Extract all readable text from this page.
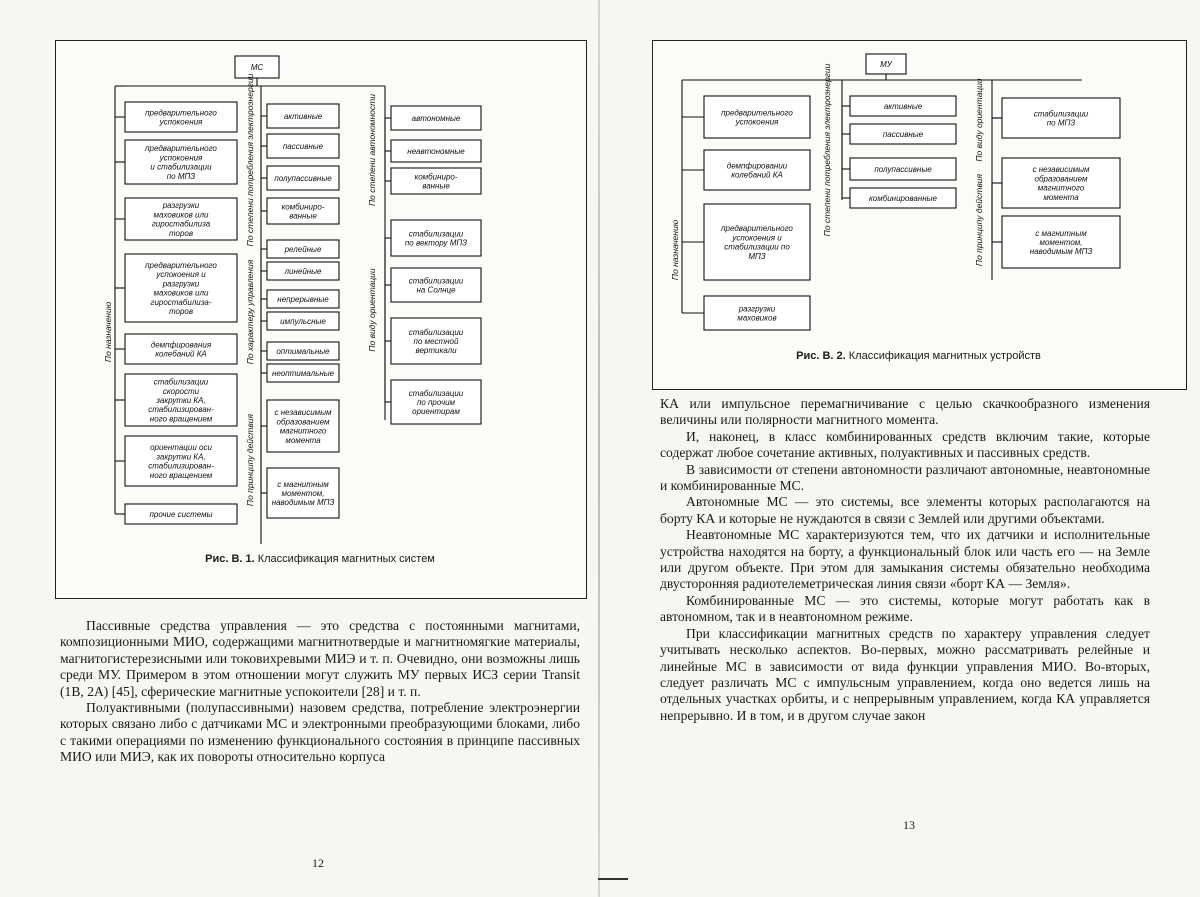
МС
предварительного
успокоения
предварительного
успокоения
и стабилизации
по МПЗ
разгрузки
маховиков или
гиростабилиза
торов
предварительного
успокоения и
разгрузки
маховиков или
гиростабилиза-
торов
демпфирования
колебаний КА
стабилизации
скорости
закрутки КА,
стабилизирован-
ного вращением
ориентации оси
закрутки КА,
стабилизирован-
ного вращением
прочие системы
По назначению
активные
пассивные
полупассивные
комбиниро-
ванные
По степени потребления электроэнергии
релейные
линейные
непрерывные
импульсные
оптимальные
неоптимальные
По характеру управления
с независимым
образованием
магнитного
момента
с магнитным
моментом,
наводимым МПЗ
По принципу действия
автономные
неавтономные
комбиниро-
ванные
По степени автономности
стабилизации
по вектору МПЗ
стабилизации
на Солнце
стабилизации
по местной
вертикали
стабилизации
по прочим
ориентирам
По виду ориентации
Рис. В. 1. Классификация магнитных систем
МУ
предварительного
успокоения
демпфировании
колебаний КА
предварительного
успокоения и
стабилизации по
МПЗ
разгрузки
маховиков
По назначению
активные
пассивные
полупассивные
комбинированные
По степени потребления электроэнергии	стабилизации
по МПЗ
По виду ориентации
с независимым
образованием
магнитного
момента
с магнитным
моментом,
наводимым МПЗ
По принципу действия
Рис. В. 2. Классификация магнитных устройств

Пассивные средства управления — это средства с постоянными магнитами, композиционными МИО, содержащими магнитнотвердые и магнитномягкие материалы, магнитогистерезисными или токовихревыми МИЭ и т. п. Очевидно, они возможны лишь среди МУ. Примером в этом отношении могут служить МУ первых ИСЗ серии Transit (1В, 2А) [45], сферические магнитные успокоители [28] и т. п.

Полуактивными (полупассивными) назовем средства, потребление электроэнергии которых связано либо с датчиками МС и электронными преобразующими блоками, либо с такими операциями по изменению функционального состояния в принципе пассивных МИО или МИЭ, как их повороты относительно корпуса

12

КА или импульсное перемагничивание с целью скачкообразного изменения величины или полярности магнитного момента.

И, наконец, в класс комбинированных средств включим такие, которые содержат любое сочетание активных, полуактивных и пассивных средств.

В зависимости от степени автономности различают автономные, неавтономные и комбинированные МС.

Автономные МС — это системы, все элементы которых располагаются на борту КА и которые не нуждаются в связи с Землей или другими объектами.

Неавтономные МС характеризуются тем, что их датчики и исполнительные устройства находятся на борту, а функциональный блок или часть его — на Земле или другом объекте. При этом для замыкания системы обязательно необходима двусторонняя радиотелеметрическая линия связи «борт КА — Земля».

Комбинированные МС — это системы, которые могут работать как в автономном, так и в неавтономном режиме.

При классификации магнитных средств по характеру управления следует учитывать несколько аспектов. Во-первых, можно рассматривать релейные и линейные МС в зависимости от вида функции управления МИО. Во-вторых, следует различать МС с импульсным управлением, когда оно ведется лишь на отдельных участках орбиты, и с непрерывным управлением, когда КА управляется непрерывно. И в том, и в другом случае закон

13
